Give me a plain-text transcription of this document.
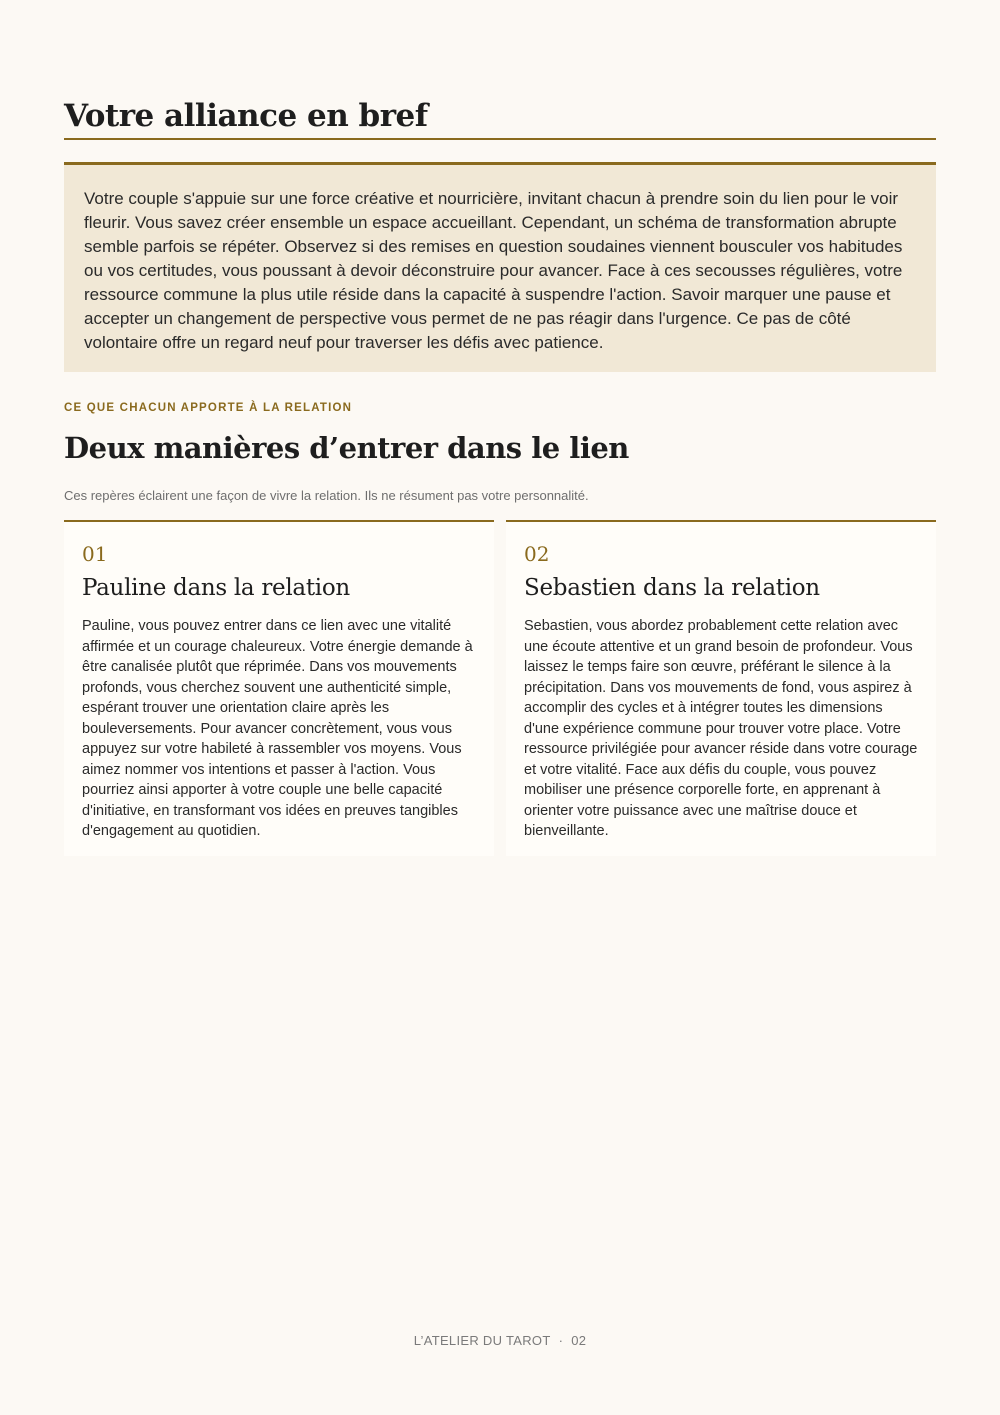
Votre alliance en bref

Votre couple s'appuie sur une force créative et nourricière, invitant chacun à prendre soin du lien pour le voir fleurir. Vous savez créer ensemble un espace accueillant. Cependant, un schéma de transformation abrupte semble parfois se répéter. Observez si des remises en question soudaines viennent bousculer vos habitudes ou vos certitudes, vous poussant à devoir déconstruire pour avancer. Face à ces secousses régulières, votre ressource commune la plus utile réside dans la capacité à suspendre l'action. Savoir marquer une pause et accepter un changement de perspective vous permet de ne pas réagir dans l'urgence. Ce pas de côté volontaire offre un regard neuf pour traverser les défis avec patience.

CE QUE CHACUN APPORTE À LA RELATION
Deux manières d’entrer dans le lien
Ces repères éclairent une façon de vivre la relation. Ils ne résument pas votre personnalité.
01
Pauline dans la relation

Pauline, vous pouvez entrer dans ce lien avec une vitalité affirmée et un courage chaleureux. Votre énergie demande à être canalisée plutôt que réprimée. Dans vos mouvements profonds, vous cherchez souvent une authenticité simple, espérant trouver une orientation claire après les bouleversements. Pour avancer concrètement, vous vous appuyez sur votre habileté à rassembler vos moyens. Vous aimez nommer vos intentions et passer à l'action. Vous pourriez ainsi apporter à votre couple une belle capacité d'initiative, en transformant vos idées en preuves tangibles d'engagement au quotidien.

02
Sebastien dans la relation

Sebastien, vous abordez probablement cette relation avec une écoute attentive et un grand besoin de profondeur. Vous laissez le temps faire son œuvre, préférant le silence à la précipitation. Dans vos mouvements de fond, vous aspirez à accomplir des cycles et à intégrer toutes les dimensions d'une expérience commune pour trouver votre place. Votre ressource privilégiée pour avancer réside dans votre courage et votre vitalité. Face aux défis du couple, vous pouvez mobiliser une présence corporelle forte, en apprenant à orienter votre puissance avec une maîtrise douce et bienveillante.

L’ATELIER DU TAROT · 02
